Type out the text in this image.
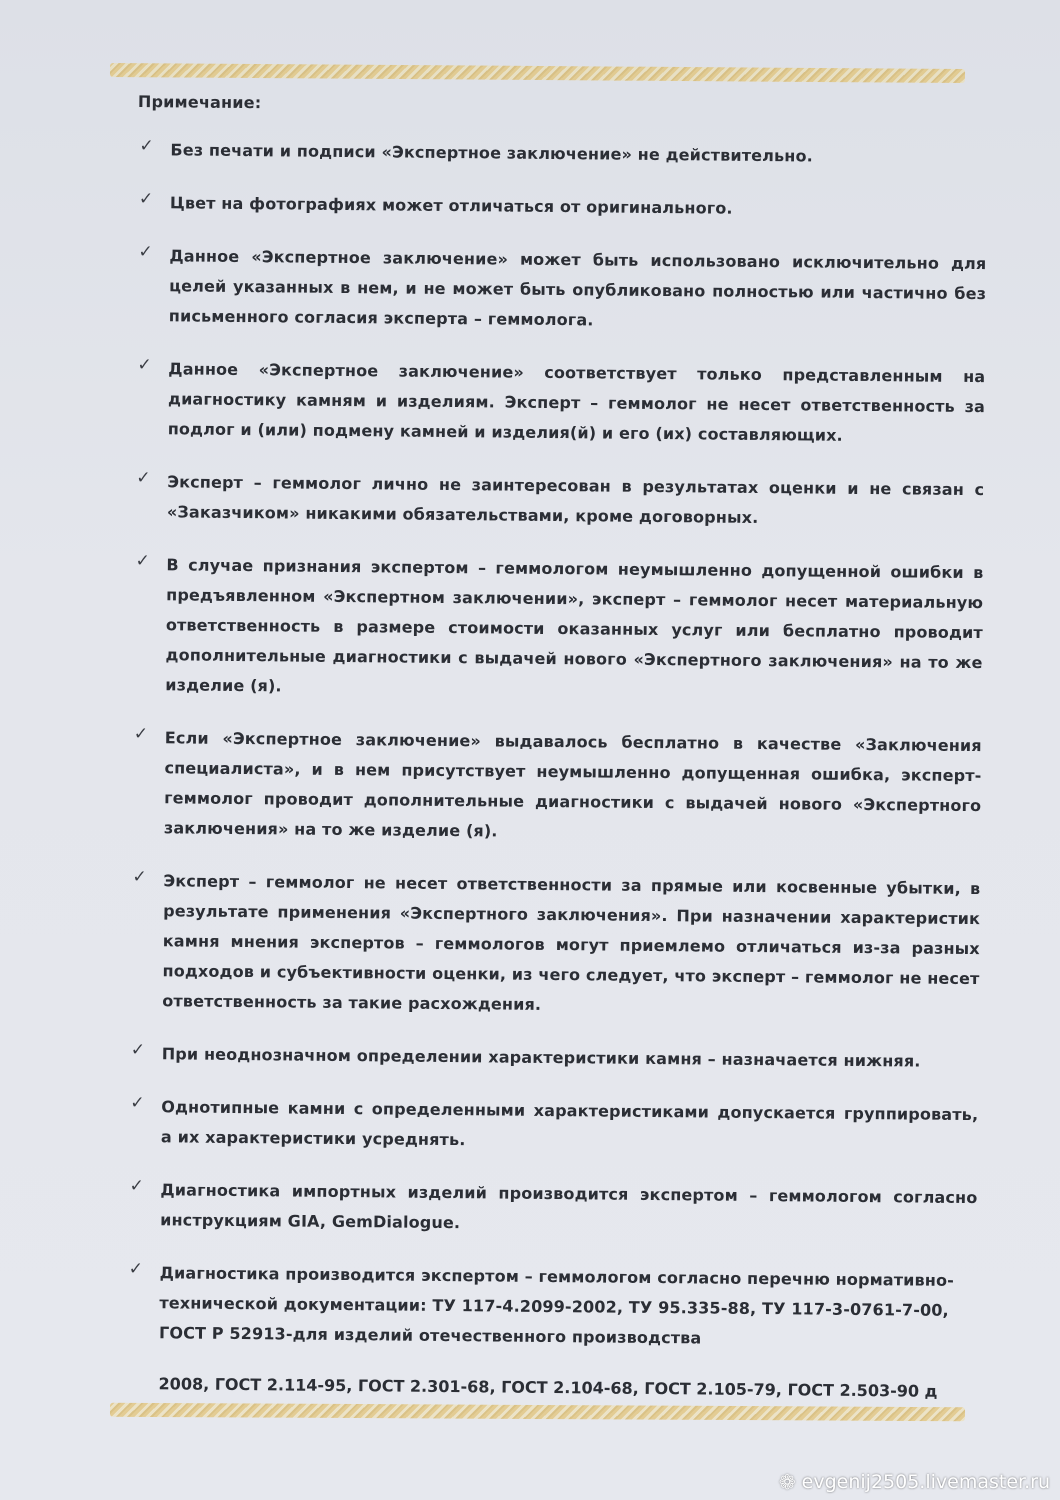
Примечание:
✓ Без печати и подписи «Экспертное заключение» не действительно.
✓ Цвет на фотографиях может отличаться от оригинального.
✓ Данное «Экспертное заключение» может быть использовано исключительно для целей указанных в нем, и не может быть опубликовано полностью или частично без письменного согласия эксперта – геммолога.
✓ Данное «Экспертное заключение» соответствует только представленным на диагностику камням и изделиям. Эксперт – геммолог не несет ответственность за подлог и (или) подмену камней и изделия(й) и его (их) составляющих.
✓ Эксперт – геммолог лично не заинтересован в результатах оценки и не связан с «Заказчиком» никакими обязательствами, кроме договорных.
✓ В случае признания экспертом – геммологом неумышленно допущенной ошибки в предъявленном «Экспертном заключении», эксперт – геммолог несет материальную ответственность в размере стоимости оказанных услуг или бесплатно проводит дополнительные диагностики с выдачей нового «Экспертного заключения» на то же изделие (я).
✓ Если «Экспертное заключение» выдавалось бесплатно в качестве «Заключения специалиста», и в нем присутствует неумышленно допущенная ошибка, эксперт-геммолог проводит дополнительные диагностики с выдачей нового «Экспертного заключения» на то же изделие (я).
✓ Эксперт – геммолог не несет ответственности за прямые или косвенные убытки, в результате применения «Экспертного заключения». При назначении характеристик камня мнения экспертов – геммологов могут приемлемо отличаться из-за разных подходов и субъективности оценки, из чего следует, что эксперт – геммолог не несет ответственность за такие расхождения.
✓ При неоднозначном определении характеристики камня – назначается нижняя.
✓ Однотипные камни с определенными характеристиками допускается группировать, а их характеристики усреднять.
✓ Диагностика импортных изделий производится экспертом – геммологом согласно инструкциям GIA, GemDialogue.
✓ Диагностика производится экспертом – геммологом согласно перечню нормативно-технической документации: ТУ 117-4.2099-2002, ТУ 95.335-88, ТУ 117-3-0761-7-00, ГОСТ Р 52913-для изделий отечественного производства
2008, ГОСТ 2.114-95, ГОСТ 2.301-68, ГОСТ 2.104-68, ГОСТ 2.105-79, ГОСТ 2.503-90 д
❁ evgenij2505.livemaster.ru
